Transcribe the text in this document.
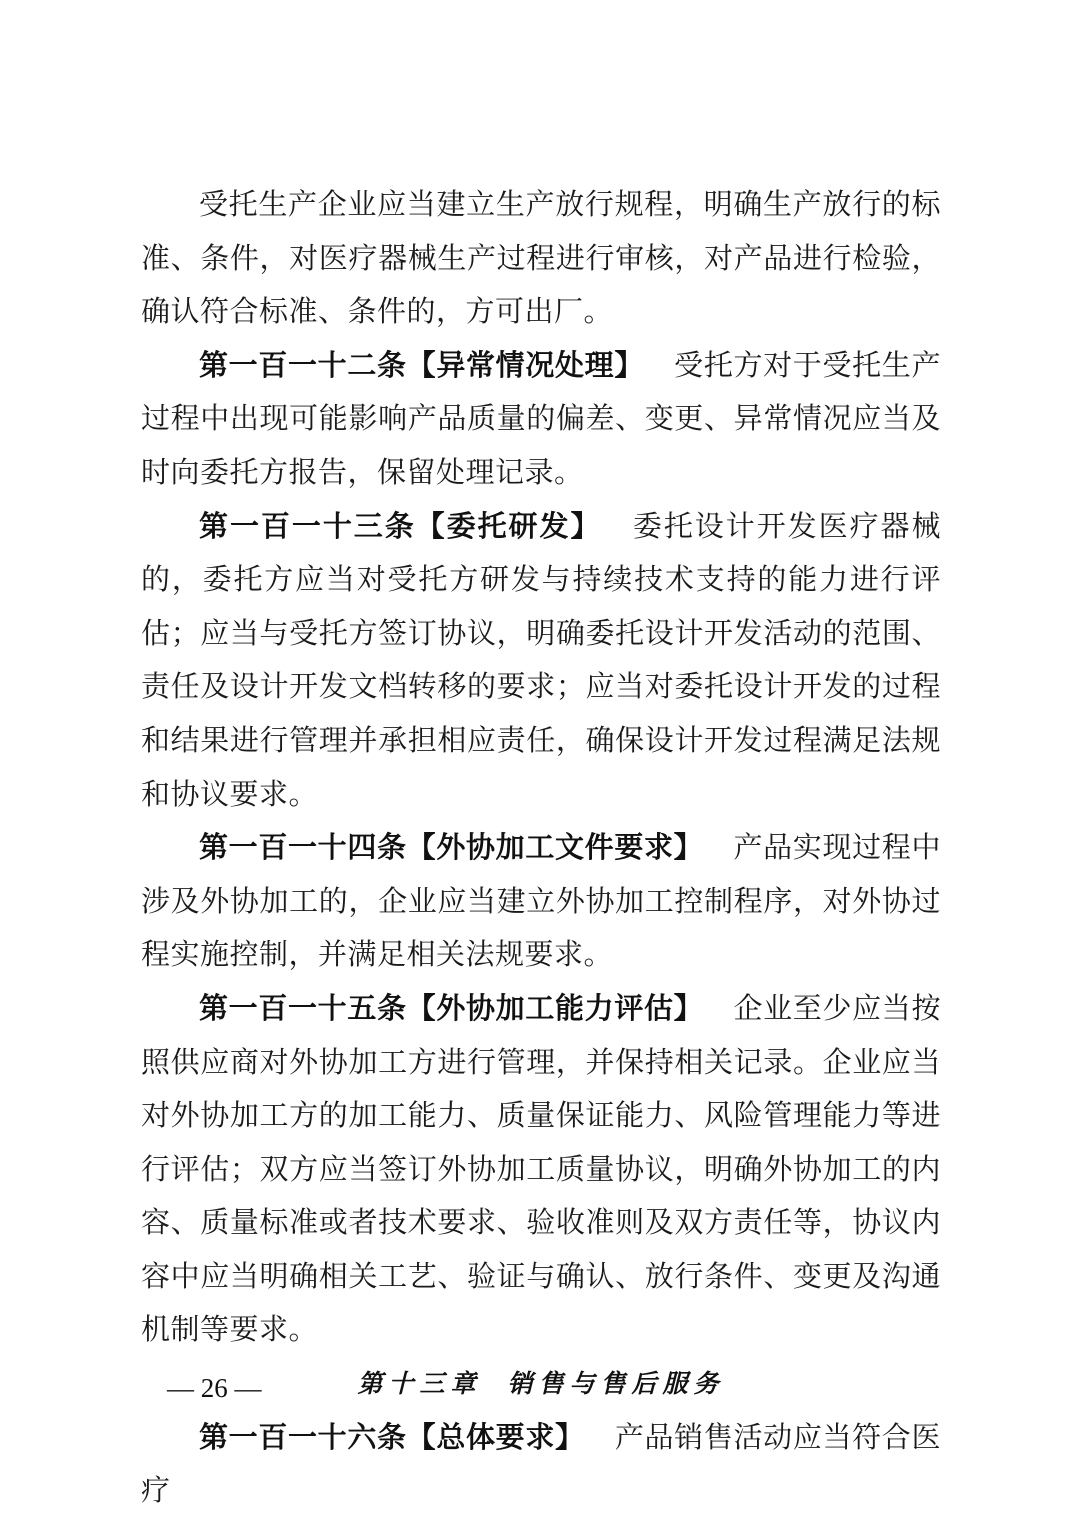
受托生产企业应当建立生产放行规程，明确生产放行的标准、条件，对医疗器械生产过程进行审核，对产品进行检验，确认符合标准、条件的，方可出厂。

第一百一十二条【异常情况处理】 受托方对于受托生产过程中出现可能影响产品质量的偏差、变更、异常情况应当及时向委托方报告，保留处理记录。

第一百一十三条【委托研发】 委托设计开发医疗器械的，委托方应当对受托方研发与持续技术支持的能力进行评估；应当与受托方签订协议，明确委托设计开发活动的范围、责任及设计开发文档转移的要求；应当对委托设计开发的过程和结果进行管理并承担相应责任，确保设计开发过程满足法规和协议要求。

第一百一十四条【外协加工文件要求】 产品实现过程中涉及外协加工的，企业应当建立外协加工控制程序，对外协过程实施控制，并满足相关法规要求。

第一百一十五条【外协加工能力评估】 企业至少应当按照供应商对外协加工方进行管理，并保持相关记录。企业应当对外协加工方的加工能力、质量保证能力、风险管理能力等进行评估；双方应当签订外协加工质量协议，明确外协加工的内容、质量标准或者技术要求、验收准则及双方责任等，协议内容中应当明确相关工艺、验证与确认、放行条件、变更及沟通机制等要求。

第十三章 销售与售后服务

第一百一十六条【总体要求】 产品销售活动应当符合医疗

— 26 —
